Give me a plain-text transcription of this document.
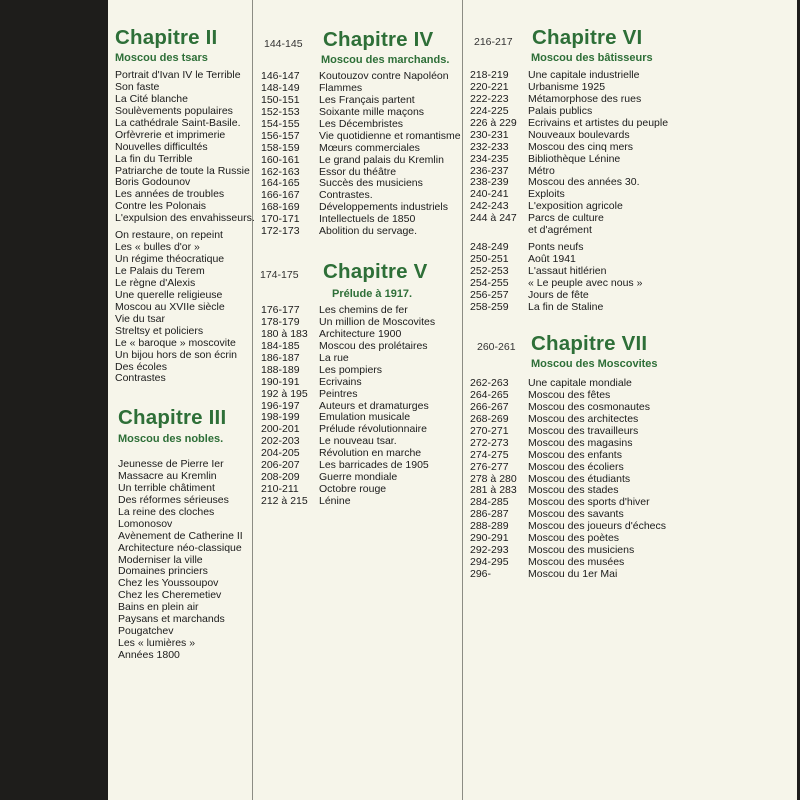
Chapitre II
Moscou des tsars
Portrait d'Ivan IV le Terrible
Son faste
La Cité blanche
Soulèvements populaires
La cathédrale Saint-Basile.
Orfèvrerie et imprimerie
Nouvelles difficultés
La fin du Terrible
Patriarche de toute la Russie
Boris Godounov
Les années de troubles
Contre les Polonais
L'expulsion des envahisseurs.
On restaure, on repeint
Les « bulles d'or »
Un régime théocratique
Le Palais du Terem
Le règne d'Alexis
Une querelle religieuse
Moscou au XVIIe siècle
Vie du tsar
Streltsy et policiers
Le « baroque » moscovite
Un bijou hors de son écrin
Des écoles
Contrastes
Chapitre III
Moscou des nobles.
Jeunesse de Pierre Ier
Massacre au Kremlin
Un terrible châtiment
Des réformes sérieuses
La reine des cloches
Lomonosov
Avènement de Catherine II
Architecture néo-classique
Moderniser la ville
Domaines princiers
Chez les Youssoupov
Chez les Cheremetiev
Bains en plein air
Paysans et marchands
Pougatchev
Les « lumières »
Années 1800
144-145 Chapitre IV
Moscou des marchands.
146-147 Koutouzov contre Napoléon
148-149 Flammes
150-151 Les Français partent
152-153 Soixante mille maçons
154-155 Les Décembristes
156-157 Vie quotidienne et romantisme
158-159 Mœurs commerciales
160-161 Le grand palais du Kremlin
162-163 Essor du théâtre
164-165 Succès des musiciens
166-167 Contrastes.
168-169 Développements industriels
170-171 Intellectuels de 1850
172-173 Abolition du servage.
174-175 Chapitre V
Prélude à 1917.
176-177 Les chemins de fer
178-179 Un million de Moscovites
180 à 183 Architecture 1900
184-185 Moscou des prolétaires
186-187 La rue
188-189 Les pompiers
190-191 Ecrivains
192 à 195 Peintres
196-197 Auteurs et dramaturges
198-199 Emulation musicale
200-201 Prélude révolutionnaire
202-203 Le nouveau tsar.
204-205 Révolution en marche
206-207 Les barricades de 1905
208-209 Guerre mondiale
210-211 Octobre rouge
212 à 215 Lénine
216-217 Chapitre VI
Moscou des bâtisseurs
218-219 Une capitale industrielle
220-221 Urbanisme 1925
222-223 Métamorphose des rues
224-225 Palais publics
226 à 229 Ecrivains et artistes du peuple
230-231 Nouveaux boulevards
232-233 Moscou des cinq mers
234-235 Bibliothèque Lénine
236-237 Métro
238-239 Moscou des années 30.
240-241 Exploits
242-243 L'exposition agricole
244 à 247 Parcs de culture
et d'agrément
248-249 Ponts neufs
250-251 Août 1941
252-253 L'assaut hitlérien
254-255 « Le peuple avec nous »
256-257 Jours de fête
258-259 La fin de Staline
260-261 Chapitre VII
Moscou des Moscovites
262-263 Une capitale mondiale
264-265 Moscou des fêtes
266-267 Moscou des cosmonautes
268-269 Moscou des architectes
270-271 Moscou des travailleurs
272-273 Moscou des magasins
274-275 Moscou des enfants
276-277 Moscou des écoliers
278 à 280 Moscou des étudiants
281 à 283 Moscou des stades
284-285 Moscou des sports d'hiver
286-287 Moscou des savants
288-289 Moscou des joueurs d'échecs
290-291 Moscou des poètes
292-293 Moscou des musiciens
294-295 Moscou des musées
296-	Moscou du 1er Mai
